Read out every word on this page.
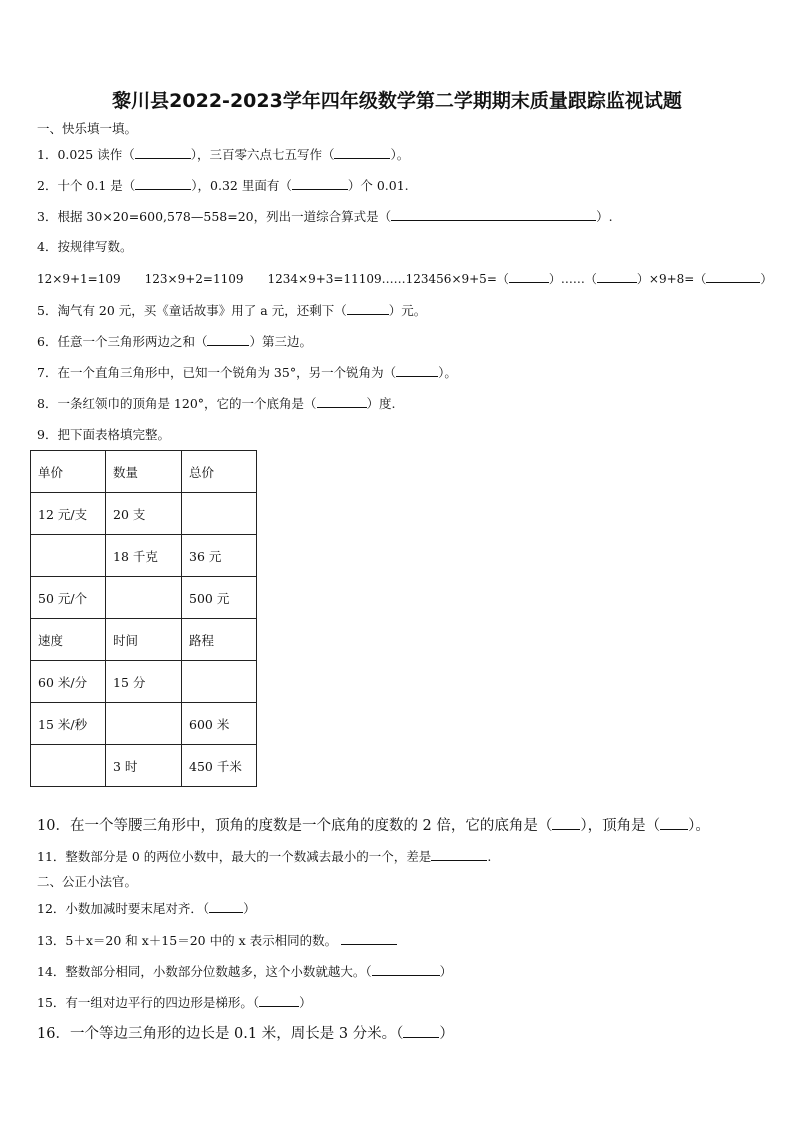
黎川县2022-2023学年四年级数学第二学期期末质量跟踪监视试题
一、快乐填一填。
1．0.025 读作（	），三百零六点七五写作（	）。
2．十个 0.1 是（	），0.32 里面有（	）个 0.01.
3．根据 30×20=600,578—558=20，列出一道综合算式是（	）.
4．按规律写数。
12×9+1=109　　123×9+2=1109　　1234×9+3=11109……123456×9+5=（	）……（	）×9+8=（	）
5．淘气有 20 元，买《童话故事》用了 a 元，还剩下（	）元。
6．任意一个三角形两边之和（	）第三边。
7．在一个直角三角形中，已知一个锐角为 35°，另一个锐角为（	）。
8．一条红领巾的顶角是 120°，它的一个底角是（	）度.
9．把下面表格填完整。
单价	数量	总价
12 元/支	20 支	
	18 千克	36 元
50 元/个		500 元
速度	时间	路程
60 米/分	15 分	
15 米/秒		600 米
	3 时	450 千米
10．在一个等腰三角形中，顶角的度数是一个底角的度数的 2 倍，它的底角是（ ），顶角是（ ）。
11．整数部分是 0 的两位小数中，最大的一个数减去最小的一个，差是	.
二、公正小法官。
12．小数加减时要末尾对齐．（	）
13．5＋x＝20 和 x＋15＝20 中的 x 表示相同的数。
14．整数部分相同，小数部分位数越多，这个小数就越大。（	）
15．有一组对边平行的四边形是梯形。（	）
16．一个等边三角形的边长是 0.1 米，周长是 3 分米。（ ）
